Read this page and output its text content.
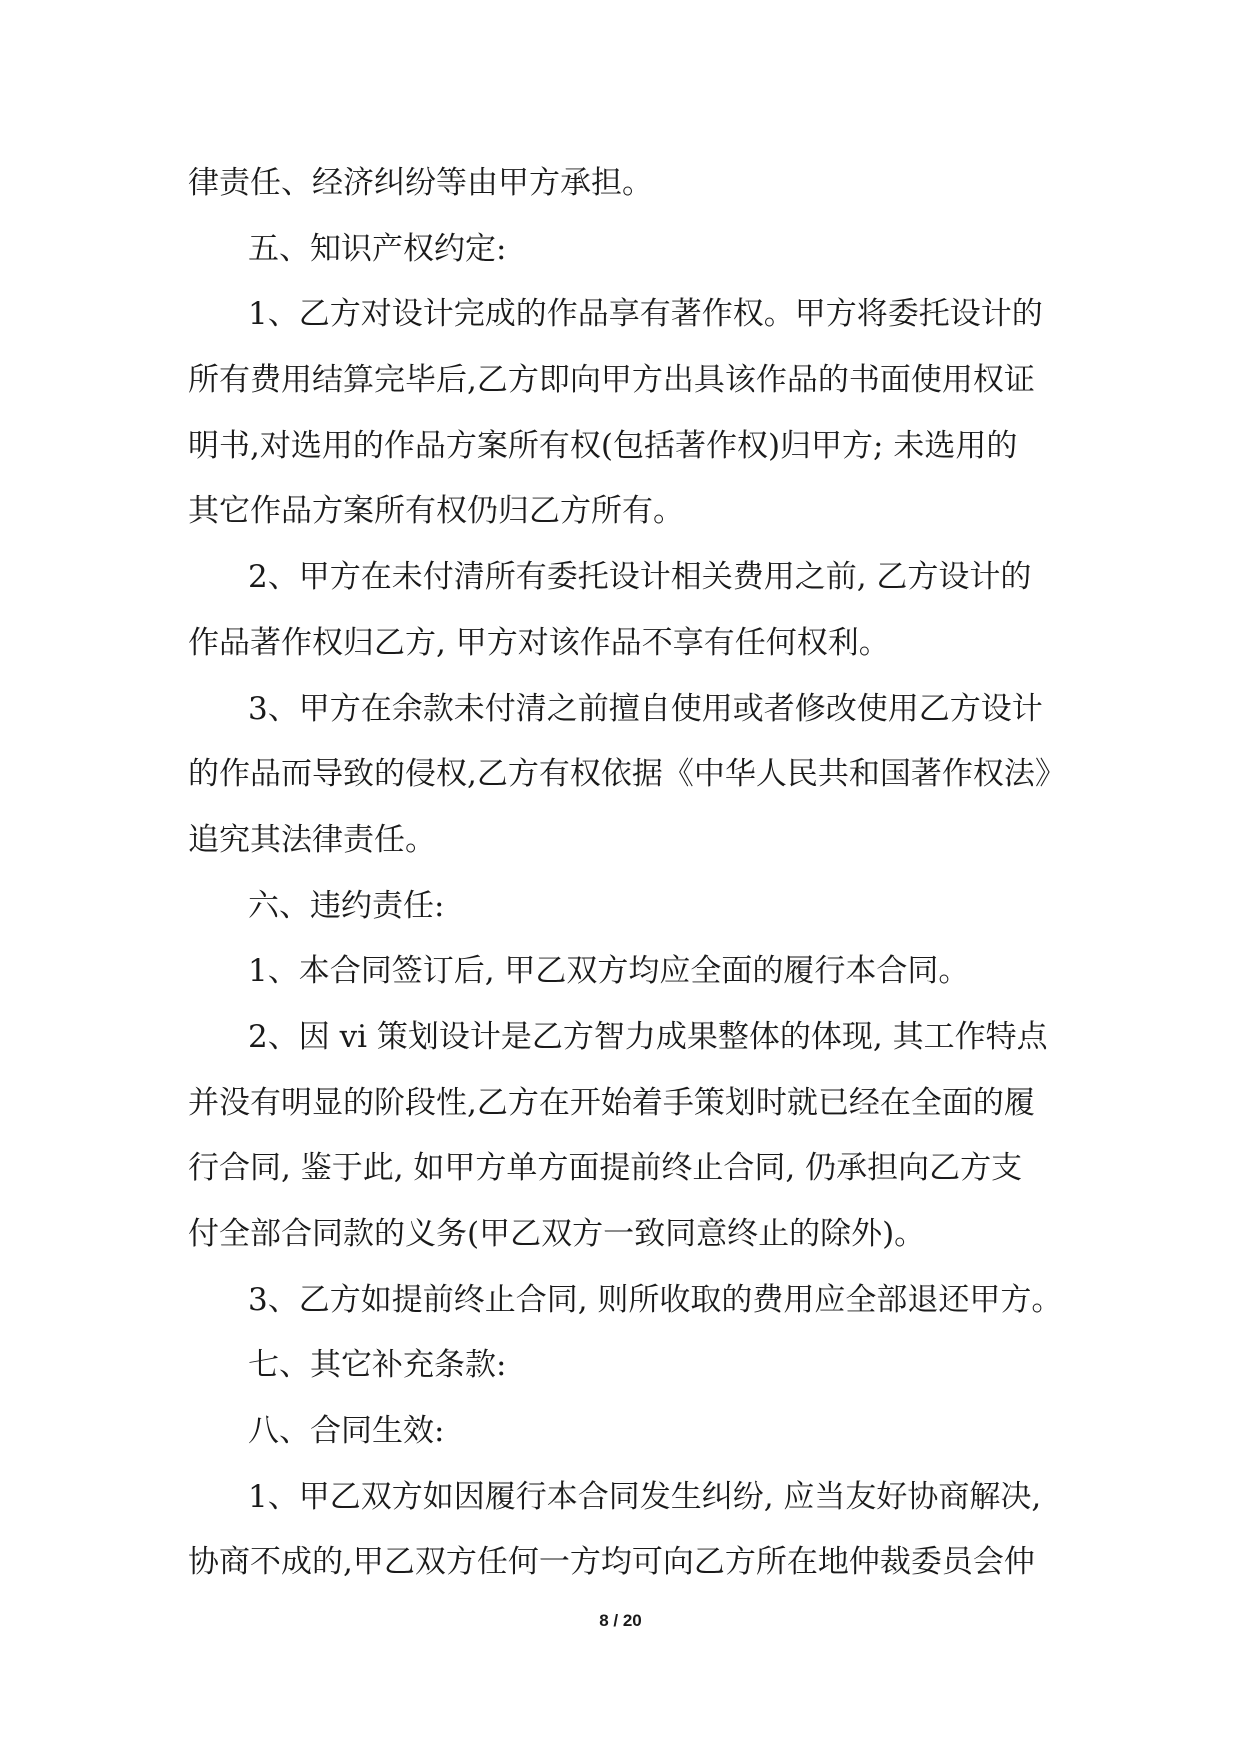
律责任、经济纠纷等由甲方承担。
五、知识产权约定:
1、乙方对设计完成的作品享有著作权。甲方将委托设计的
所有费用结算完毕后,乙方即向甲方出具该作品的书面使用权证
明书,对选用的作品方案所有权(包括著作权)归甲方; 未选用的
其它作品方案所有权仍归乙方所有。
2、甲方在未付清所有委托设计相关费用之前, 乙方设计的
作品著作权归乙方, 甲方对该作品不享有任何权利。
3、甲方在余款未付清之前擅自使用或者修改使用乙方设计
的作品而导致的侵权,乙方有权依据《中华人民共和国著作权法》
追究其法律责任。
六、违约责任:
1、本合同签订后, 甲乙双方均应全面的履行本合同。
2、因 vi 策划设计是乙方智力成果整体的体现, 其工作特点
并没有明显的阶段性,乙方在开始着手策划时就已经在全面的履
行合同, 鉴于此, 如甲方单方面提前终止合同, 仍承担向乙方支
付全部合同款的义务(甲乙双方一致同意终止的除外)。
3、乙方如提前终止合同, 则所收取的费用应全部退还甲方。
七、其它补充条款:
八、合同生效:
1、甲乙双方如因履行本合同发生纠纷, 应当友好协商解决,
协商不成的,甲乙双方任何一方均可向乙方所在地仲裁委员会仲
8 / 20
